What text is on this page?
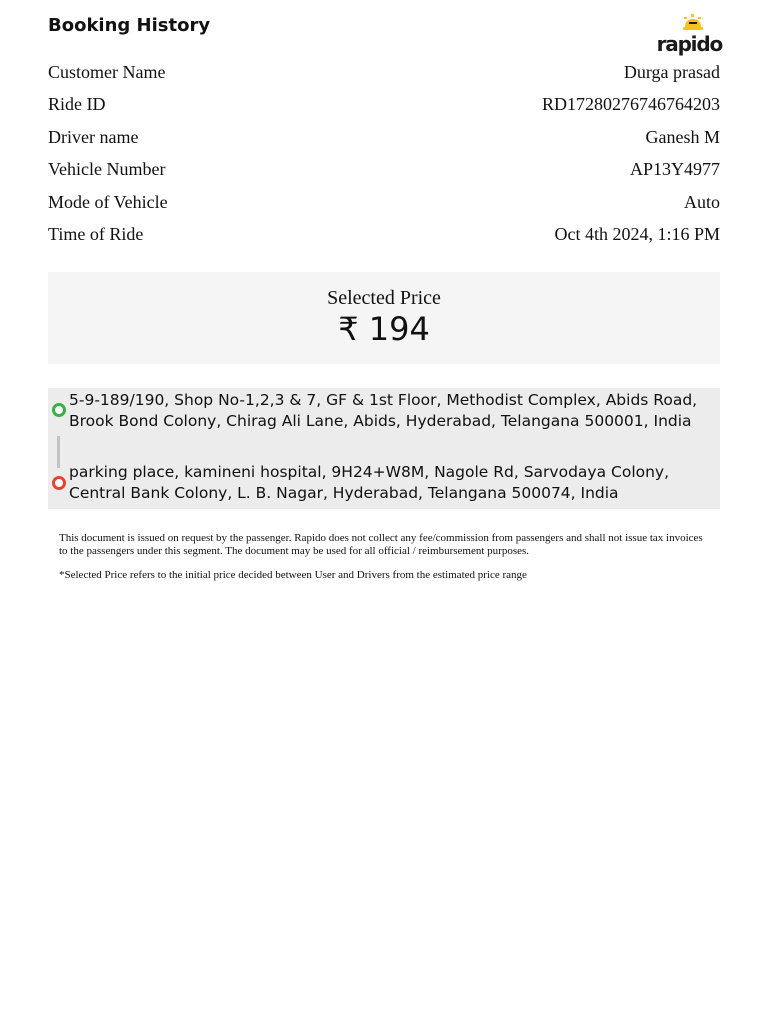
Booking History
rapido
Customer Name	Durga prasad
Ride ID	RD17280276746764203
Driver name	Ganesh M
Vehicle Number	AP13Y4977
Mode of Vehicle	Auto
Time of Ride	Oct 4th 2024, 1:16 PM
Selected Price
₹ 194
5-9-189/190, Shop No-1,2,3 & 7, GF & 1st Floor, Methodist Complex, Abids Road, Brook Bond Colony, Chirag Ali Lane, Abids, Hyderabad, Telangana 500001, India
parking place, kamineni hospital, 9H24+W8M, Nagole Rd, Sarvodaya Colony, Central Bank Colony, L. B. Nagar, Hyderabad, Telangana 500074, India

This document is issued on request by the passenger. Rapido does not collect any fee/commission from passengers and shall not issue tax invoices to the passengers under this segment. The document may be used for all official / reimbursement purposes.

*Selected Price refers to the initial price decided between User and Drivers from the estimated price range
